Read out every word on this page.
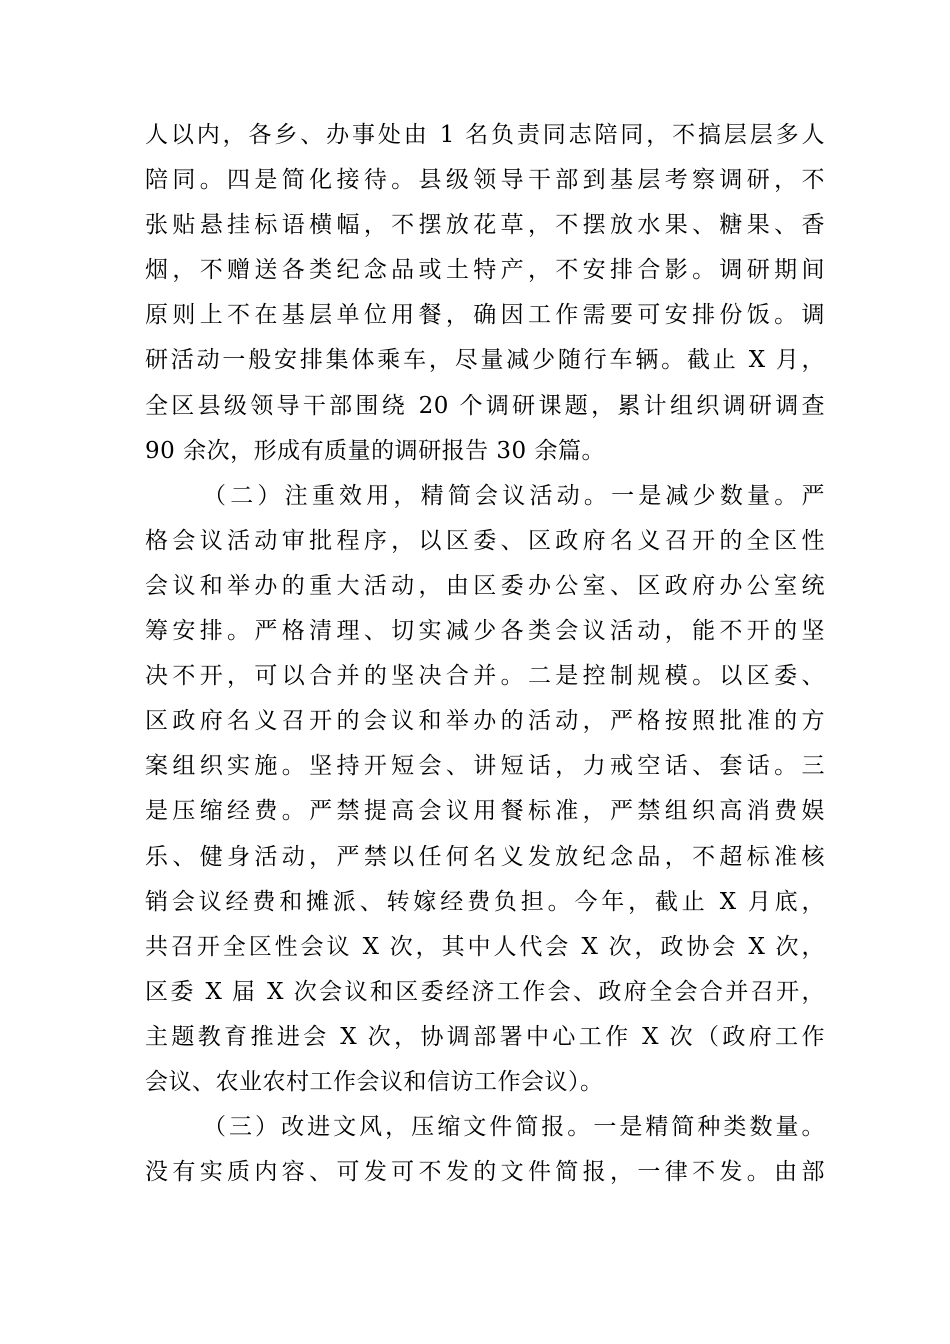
人以内，各乡、办事处由 1 名负责同志陪同，不搞层层多人
陪同。四是简化接待。县级领导干部到基层考察调研，不
张贴悬挂标语横幅，不摆放花草，不摆放水果、糖果、香
烟，不赠送各类纪念品或土特产，不安排合影。调研期间
原则上不在基层单位用餐，确因工作需要可安排份饭。调
研活动一般安排集体乘车，尽量减少随行车辆。截止 X 月，
全区县级领导干部围绕 20 个调研课题，累计组织调研调查
90 余次，形成有质量的调研报告 30 余篇。
（二）注重效用，精简会议活动。一是减少数量。严
格会议活动审批程序，以区委、区政府名义召开的全区性
会议和举办的重大活动，由区委办公室、区政府办公室统
筹安排。严格清理、切实减少各类会议活动，能不开的坚
决不开，可以合并的坚决合并。二是控制规模。以区委、
区政府名义召开的会议和举办的活动，严格按照批准的方
案组织实施。坚持开短会、讲短话，力戒空话、套话。三
是压缩经费。严禁提高会议用餐标准，严禁组织高消费娱
乐、健身活动，严禁以任何名义发放纪念品，不超标准核
销会议经费和摊派、转嫁经费负担。今年，截止 X 月底，
共召开全区性会议 X 次，其中人代会 X 次，政协会 X 次，
区委 X 届 X 次会议和区委经济工作会、政府全会合并召开，
主题教育推进会 X 次，协调部署中心工作 X 次（政府工作
会议、农业农村工作会议和信访工作会议）。
（三）改进文风，压缩文件简报。一是精简种类数量。
没有实质内容、可发可不发的文件简报，一律不发。由部
